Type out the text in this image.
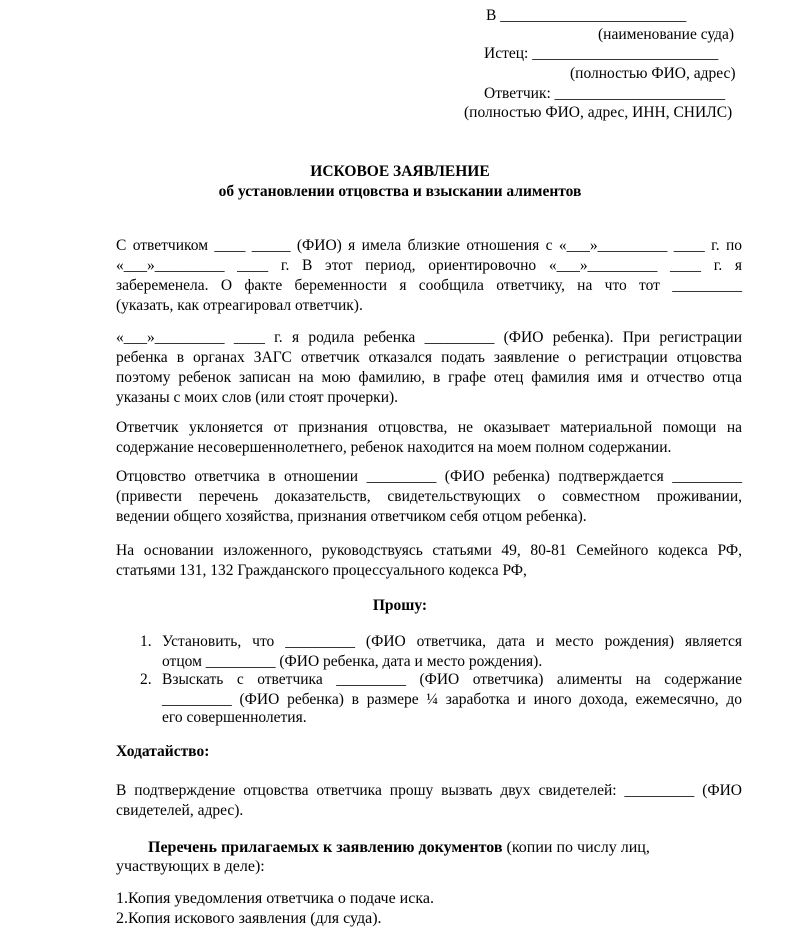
В ________________________
(наименование суда)
Истец: ________________________
(полностью ФИО, адрес)
Ответчик: ______________________
(полностью ФИО, адрес, ИНН, СНИЛС)
ИСКОВОЕ ЗАЯВЛЕНИЕ
об установлении отцовства и взыскании алиментов
С ответчиком ____ _____ (ФИО) я имела близкие отношения с «___»_________ ____ г. по
«___»_________ ____ г. В этот период, ориентировочно «___»_________ ____ г. я
забеременела. О факте беременности я сообщила ответчику, на что тот _________
(указать, как отреагировал ответчик).
«___»_________ ____ г. я родила ребенка _________ (ФИО ребенка). При регистрации
ребенка в органах ЗАГС ответчик отказался подать заявление о регистрации отцовства
поэтому ребенок записан на мою фамилию, в графе отец фамилия имя и отчество отца
указаны с моих слов (или стоят прочерки).
Ответчик уклоняется от признания отцовства, не оказывает материальной помощи на
содержание несовершеннолетнего, ребенок находится на моем полном содержании.
Отцовство ответчика в отношении _________ (ФИО ребенка) подтверждается _________
(привести перечень доказательств, свидетельствующих о совместном проживании,
ведении общего хозяйства, признания ответчиком себя отцом ребенка).
На основании изложенного, руководствуясь статьями 49, 80-81 Семейного кодекса РФ,
статьями 131, 132 Гражданского процессуального кодекса РФ,
Прошу:
1. Установить, что _________ (ФИО ответчика, дата и место рождения) является
отцом _________ (ФИО ребенка, дата и место рождения).
2. Взыскать с ответчика _________ (ФИО ответчика) алименты на содержание
_________ (ФИО ребенка) в размере ¼ заработка и иного дохода, ежемесячно, до
его совершеннолетия.
Ходатайство:
В подтверждение отцовства ответчика прошу вызвать двух свидетелей: _________ (ФИО
свидетелей, адрес).
Перечень прилагаемых к заявлению документов (копии по числу лиц,
участвующих в деле):
1.Копия уведомления ответчика о подаче иска.
2.Копия искового заявления (для суда).
